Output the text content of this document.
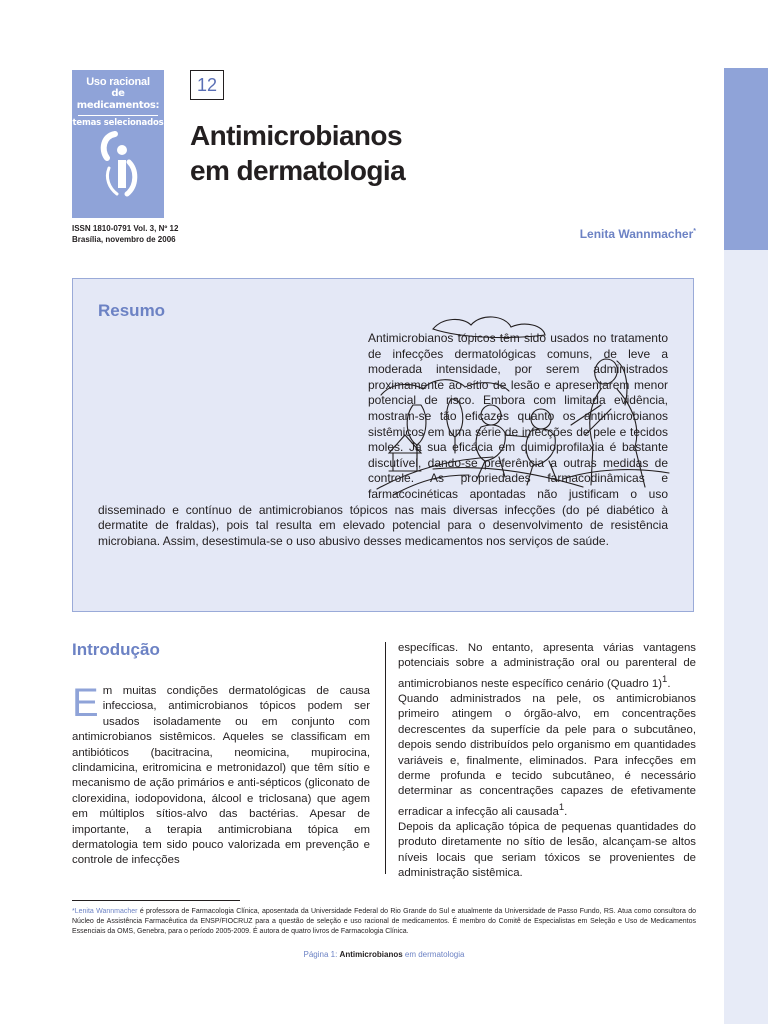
Uso racional
de medicamentos:
temas selecionados
ISSN 1810-0791 Vol. 3, Nº 12
Brasília, novembro de 2006
12
Antimicrobianos
em dermatologia
Lenita Wannmacher*
Resumo
Antimicrobianos tópicos têm sido usados no tratamento de infecções dermatológicas comuns, de leve a moderada intensidade, por serem administrados proximamente ao sítio de lesão e apresentarem menor potencial de risco. Embora com limitada evidência, mostram-se tão eficazes quanto os antimicrobianos sistêmicos em uma série de infecções de pele e tecidos moles. Já sua eficácia em quimioprofilaxia é bastante discutível, dando-se preferência a outras medidas de controle. As propriedades farmacodinâmicas e farmacocinéticas apontadas não justificam o uso disseminado e contínuo de antimicrobianos tópicos nas mais diversas infecções (do pé diabético à dermatite de fraldas), pois tal resulta em elevado potencial para o desenvolvimento de resistência microbiana. Assim, desestimula-se o uso abusivo desses medicamentos nos serviços de saúde.
Introdução
Em muitas condições dermatológicas de causa infecciosa, antimicrobianos tópicos podem ser usados isoladamente ou em conjunto com antimicrobianos sistêmicos. Aqueles se classificam em antibióticos (bacitracina, neomicina, mupirocina, clindamicina, eritromicina e metronidazol) que têm sítio e mecanismo de ação primários e anti-sépticos (gliconato de clorexidina, iodopovidona, álcool e triclosana) que agem em múltiplos sítios-alvo das bactérias. Apesar de importante, a terapia antimicrobiana tópica em dermatologia tem sido pouco valorizada em prevenção e controle de infecções

específicas. No entanto, apresenta várias vantagens potenciais sobre a administração oral ou parenteral de antimicrobianos neste específico cenário (Quadro 1)$^1$.

Quando administrados na pele, os antimicrobianos primeiro atingem o órgão-alvo, em concentrações decrescentes da superfície da pele para o subcutâneo, depois sendo distribuídos pelo organismo em quantidades variáveis e, finalmente, eliminados. Para infecções em derme profunda e tecido subcutâneo, é necessário determinar as concentrações capazes de efetivamente erradicar a infecção ali causada$^1$.

Depois da aplicação tópica de pequenas quantidades do produto diretamente no sítio de lesão, alcançam-se altos níveis locais que seriam tóxicos se provenientes de administração sistêmica.

*Lenita Wannmacher é professora de Farmacologia Clínica, aposentada da Universidade Federal do Rio Grande do Sul e atualmente da Universidade de Passo Fundo, RS. Atua como consultora do Núcleo de Assistência Farmacêutica da ENSP/FIOCRUZ para a questão de seleção e uso racional de medicamentos. É membro do Comitê de Especialistas em Seleção e Uso de Medicamentos Essenciais da OMS, Genebra, para o período 2005-2009. É autora de quatro livros de Farmacologia Clínica.
Página 1: Antimicrobianos em dermatologia
